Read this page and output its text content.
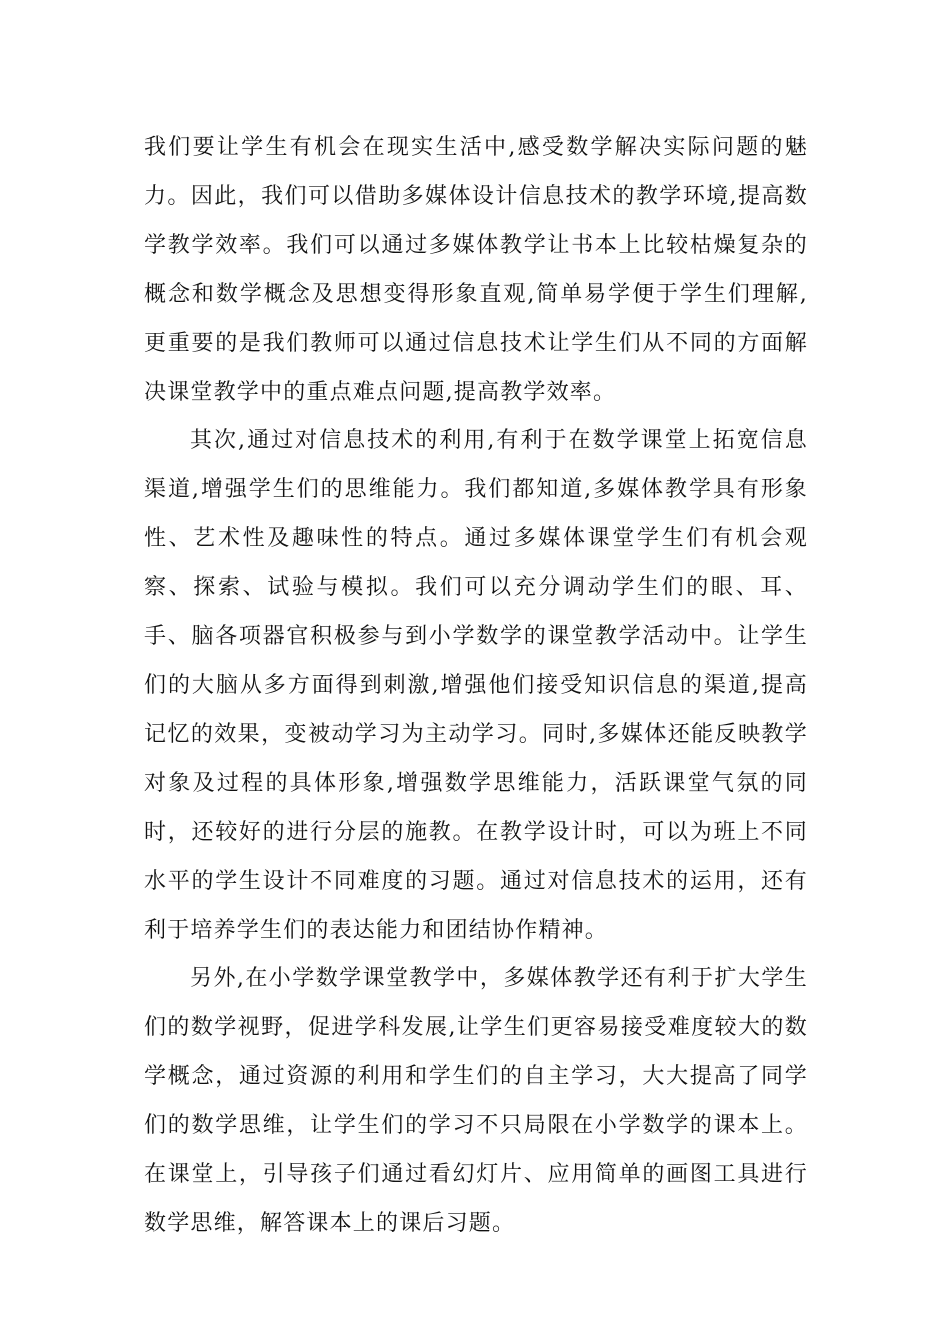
我们要让学生有机会在现实生活中,感受数学解决实际问题的魅力。因此，我们可以借助多媒体设计信息技术的教学环境,提高数学教学效率。我们可以通过多媒体教学让书本上比较枯燥复杂的概念和数学概念及思想变得形象直观,简单易学便于学生们理解,更重要的是我们教师可以通过信息技术让学生们从不同的方面解决课堂教学中的重点难点问题,提高教学效率。

其次,通过对信息技术的利用,有利于在数学课堂上拓宽信息渠道,增强学生们的思维能力。我们都知道,多媒体教学具有形象性、艺术性及趣味性的特点。通过多媒体课堂学生们有机会观察、探索、试验与模拟。我们可以充分调动学生们的眼、耳、手、脑各项器官积极参与到小学数学的课堂教学活动中。让学生们的大脑从多方面得到刺激,增强他们接受知识信息的渠道,提高记忆的效果，变被动学习为主动学习。同时,多媒体还能反映教学对象及过程的具体形象,增强数学思维能力，活跃课堂气氛的同时，还较好的进行分层的施教。在教学设计时，可以为班上不同水平的学生设计不同难度的习题。通过对信息技术的运用，还有利于培养学生们的表达能力和团结协作精神。

另外,在小学数学课堂教学中，多媒体教学还有利于扩大学生们的数学视野，促进学科发展,让学生们更容易接受难度较大的数学概念，通过资源的利用和学生们的自主学习，大大提高了同学们的数学思维，让学生们的学习不只局限在小学数学的课本上。在课堂上，引导孩子们通过看幻灯片、应用简单的画图工具进行数学思维，解答课本上的课后习题。
